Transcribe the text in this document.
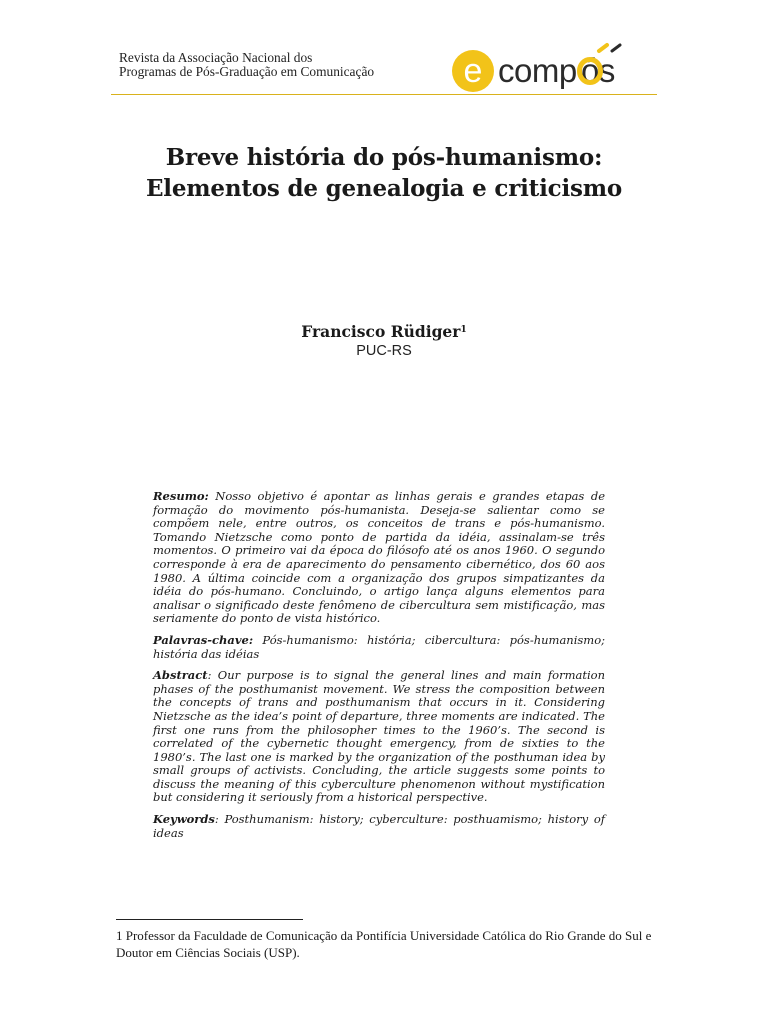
Revista da Associação Nacional dos
Programas de Pós-Graduação em Comunicação	e comp ós
Breve história do pós-humanismo:
Elementos de genealogia e criticismo
Francisco Rüdiger$^1$
PUC-RS

Resumo: Nosso objetivo é apontar as linhas gerais e grandes etapas de formação do movimento pós-humanista. Deseja-se salientar como se compõem nele, entre outros, os conceitos de trans e pós-humanismo. Tomando Nietzsche como ponto de partida da idéia, assinalam-se três momentos. O primeiro vai da época do filósofo até os anos 1960. O segundo corresponde à era de aparecimento do pensamento cibernético, dos 60 aos 1980. A última coincide com a organização dos grupos simpatizantes da idéia do pós-humano. Concluindo, o artigo lança alguns elementos para analisar o significado deste fenômeno de cibercultura sem mistificação, mas seriamente do ponto de vista histórico.

Palavras-chave: Pós-humanismo: história; cibercultura: pós-humanismo; história das idéias

Abstract: Our purpose is to signal the general lines and main formation phases of the posthumanist movement. We stress the composition between the concepts of trans and posthumanism that occurs in it. Considering Nietzsche as the idea’s point of departure, three moments are indicated. The first one runs from the philosopher times to the 1960’s. The second is correlated of the cybernetic thought emergency, from de sixties to the 1980’s. The last one is marked by the organization of the posthuman idea by small groups of activists. Concluding, the article suggests some points to discuss the meaning of this cyberculture phenomenon without mystification but considering it seriously from a historical perspective.

Keywords: Posthumanism: history; cyberculture: posthuamismo; history of ideas

1 Professor da Faculdade de Comunicação da Pontifícia Universidade Católica do Rio Grande do Sul e Doutor em Ciências Sociais (USP).
